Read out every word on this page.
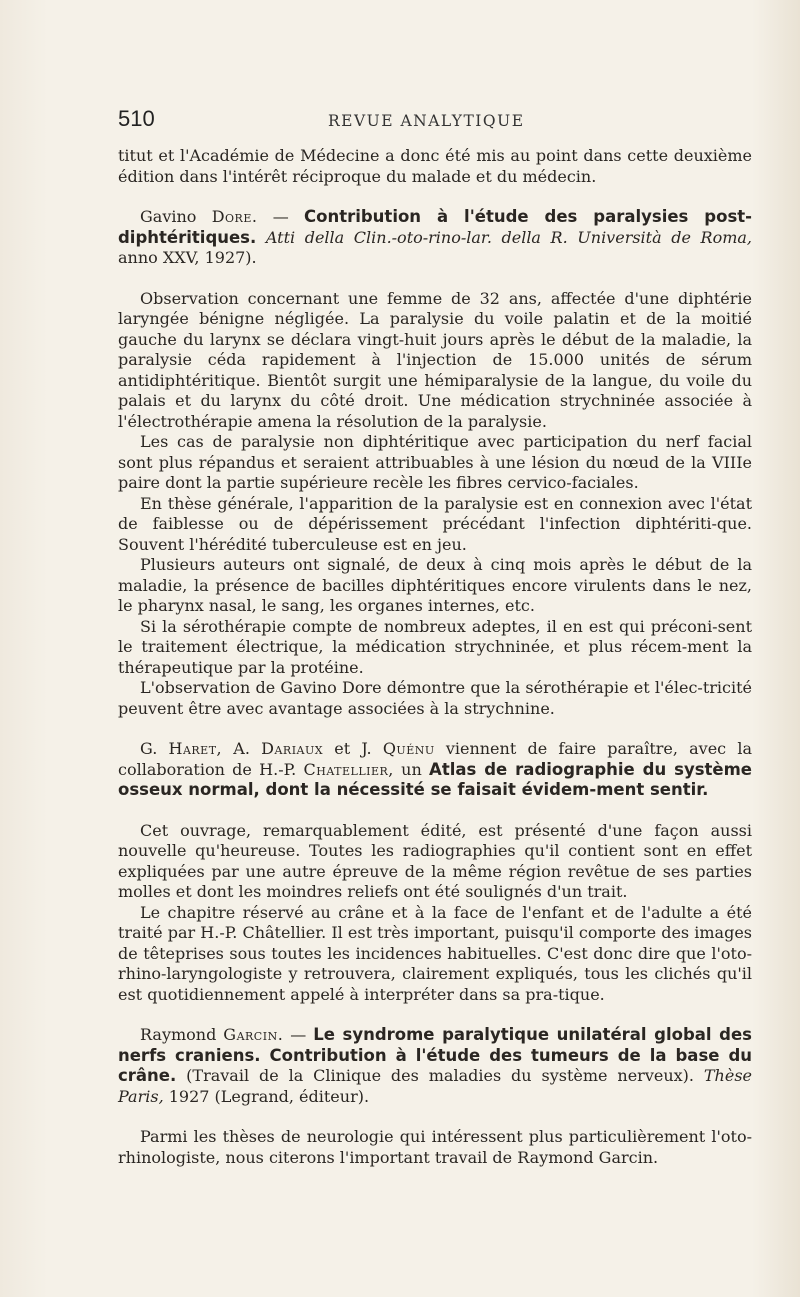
510	REVUE ANALYTIQUE

titut et l'Académie de Médecine a donc été mis au point dans cette deuxième édition dans l'intérêt réciproque du malade et du médecin.

Gavino Dore. — Contribution à l'étude des paralysies post-diphtéritiques. Atti della Clin.-oto-rino-lar. della R. Università de Roma, anno XXV, 1927).

Observation concernant une femme de 32 ans, affectée d'une diphtérie laryngée bénigne négligée. La paralysie du voile palatin et de la moitié gauche du larynx se déclara vingt-huit jours après le début de la maladie, la paralysie céda rapidement à l'injection de 15.000 unités de sérum antidiphtéritique. Bientôt surgit une hémiparalysie de la langue, du voile du palais et du larynx du côté droit. Une médication strychninée associée à l'électrothérapie amena la résolution de la paralysie.

Les cas de paralysie non diphtéritique avec participation du nerf facial sont plus répandus et seraient attribuables à une lésion du nœud de la VIIIe paire dont la partie supérieure recèle les fibres cervico-faciales.

En thèse générale, l'apparition de la paralysie est en connexion avec l'état de faiblesse ou de dépérissement précédant l'infection diphtériti-que. Souvent l'hérédité tuberculeuse est en jeu.

Plusieurs auteurs ont signalé, de deux à cinq mois après le début de la maladie, la présence de bacilles diphtéritiques encore virulents dans le nez, le pharynx nasal, le sang, les organes internes, etc.

Si la sérothérapie compte de nombreux adeptes, il en est qui préconi-sent le traitement électrique, la médication strychninée, et plus récem-ment la thérapeutique par la protéine.

L'observation de Gavino Dore démontre que la sérothérapie et l'élec-tricité peuvent être avec avantage associées à la strychnine.

G. Haret, A. Dariaux et J. Quénu viennent de faire paraître, avec la collaboration de H.-P. Chatellier, un Atlas de radiographie du système osseux normal, dont la nécessité se faisait évidem-ment sentir.

Cet ouvrage, remarquablement édité, est présenté d'une façon aussi nouvelle qu'heureuse. Toutes les radiographies qu'il contient sont en effet expliquées par une autre épreuve de la même région revêtue de ses parties molles et dont les moindres reliefs ont été soulignés d'un trait.

Le chapitre réservé au crâne et à la face de l'enfant et de l'adulte a été traité par H.-P. Châtellier. Il est très important, puisqu'il comporte des images de têteprises sous toutes les incidences habituelles. C'est donc dire que l'oto-rhino-laryngologiste y retrouvera, clairement expliqués, tous les clichés qu'il est quotidiennement appelé à interpréter dans sa pra-tique.

Raymond Garcin. — Le syndrome paralytique unilatéral global des nerfs craniens. Contribution à l'étude des tumeurs de la base du crâne. (Travail de la Clinique des maladies du système nerveux). Thèse Paris, 1927 (Legrand, éditeur).

Parmi les thèses de neurologie qui intéressent plus particulièrement l'oto-rhinologiste, nous citerons l'important travail de Raymond Garcin.
